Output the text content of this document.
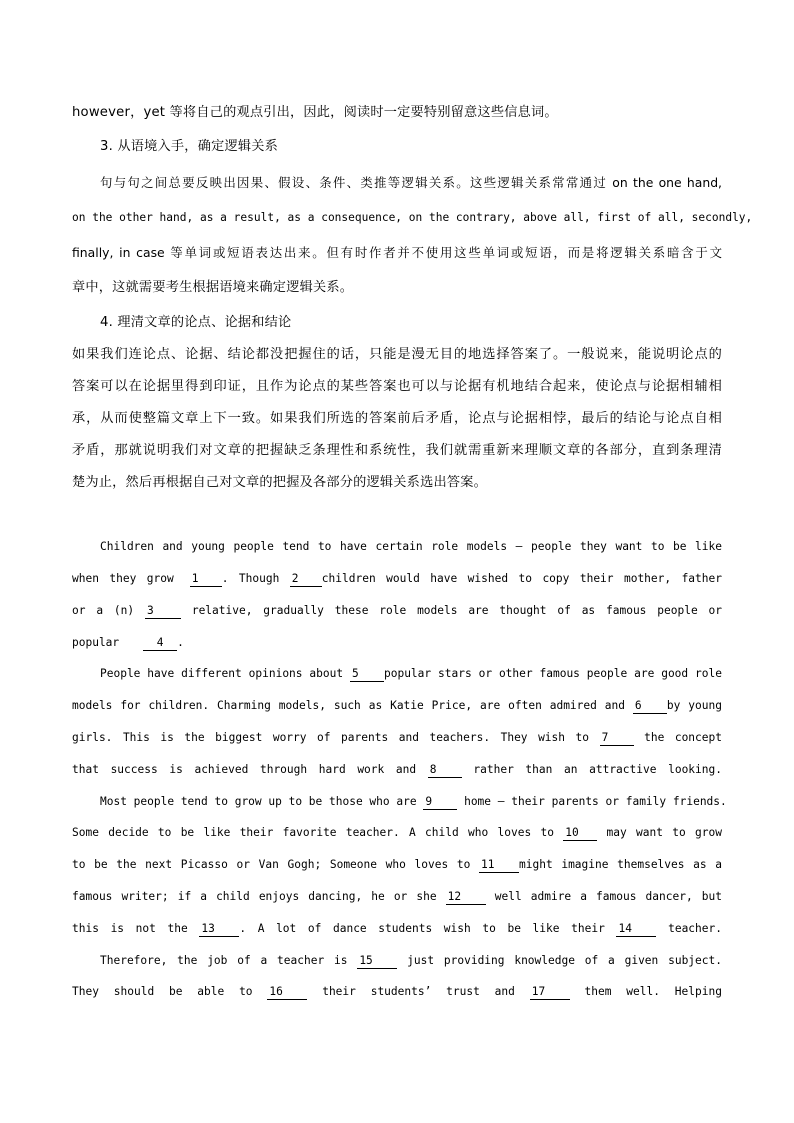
however，yet 等将自己的观点引出，因此，阅读时一定要特别留意这些信息词。
3. 从语境入手，确定逻辑关系
句与句之间总要反映出因果、假设、条件、类推等逻辑关系。这些逻辑关系常常通过 on the one hand,
on the other hand, as a result, as a consequence, on the contrary, above all, first of all, secondly,
finally, in case 等单词或短语表达出来。但有时作者并不使用这些单词或短语，而是将逻辑关系暗含于文
章中，这就需要考生根据语境来确定逻辑关系。
4. 理清文章的论点、论据和结论
如果我们连论点、论据、结论都没把握住的话，只能是漫无目的地选择答案了。一般说来，能说明论点的
答案可以在论据里得到印证，且作为论点的某些答案也可以与论据有机地结合起来，使论点与论据相辅相
承，从而使整篇文章上下一致。如果我们所选的答案前后矛盾，论点与论据相悖，最后的结论与论点自相
矛盾，那就说明我们对文章的把握缺乏条理性和系统性，我们就需重新来理顺文章的各部分，直到条理清
楚为止，然后再根据自己对文章的把握及各部分的逻辑关系选出答案。
Children and young people tend to have certain role models – people they want to be like
when they grow 1 . Though 2 children would have wished to copy their mother, father
or a (n) 3	relative, gradually these role models are thought of as famous people or
popular	4 .
People have different opinions about 5 popular stars or other famous people are good role
models for children. Charming models, such as Katie Price, are often admired and 6 by young
girls. This is the biggest worry of parents and teachers. They wish to 7	the concept
that success is achieved through hard work and 8	rather than an attractive looking.
Most people tend to grow up to be those who are 9	home – their parents or family friends.
Some decide to be like their favorite teacher. A child who loves to 10 may want to grow
to be the next Picasso or Van Gogh; Someone who loves to 11 might imagine themselves as a
famous writer; if a child enjoys dancing, he or she 12	well admire a famous dancer, but
this is not the 13 . A lot of dance students wish to be like their 14	teacher.
Therefore, the job of a teacher is 15	just providing knowledge of a given subject.
They should be able to 16	their students’ trust and 17	them well. Helping
